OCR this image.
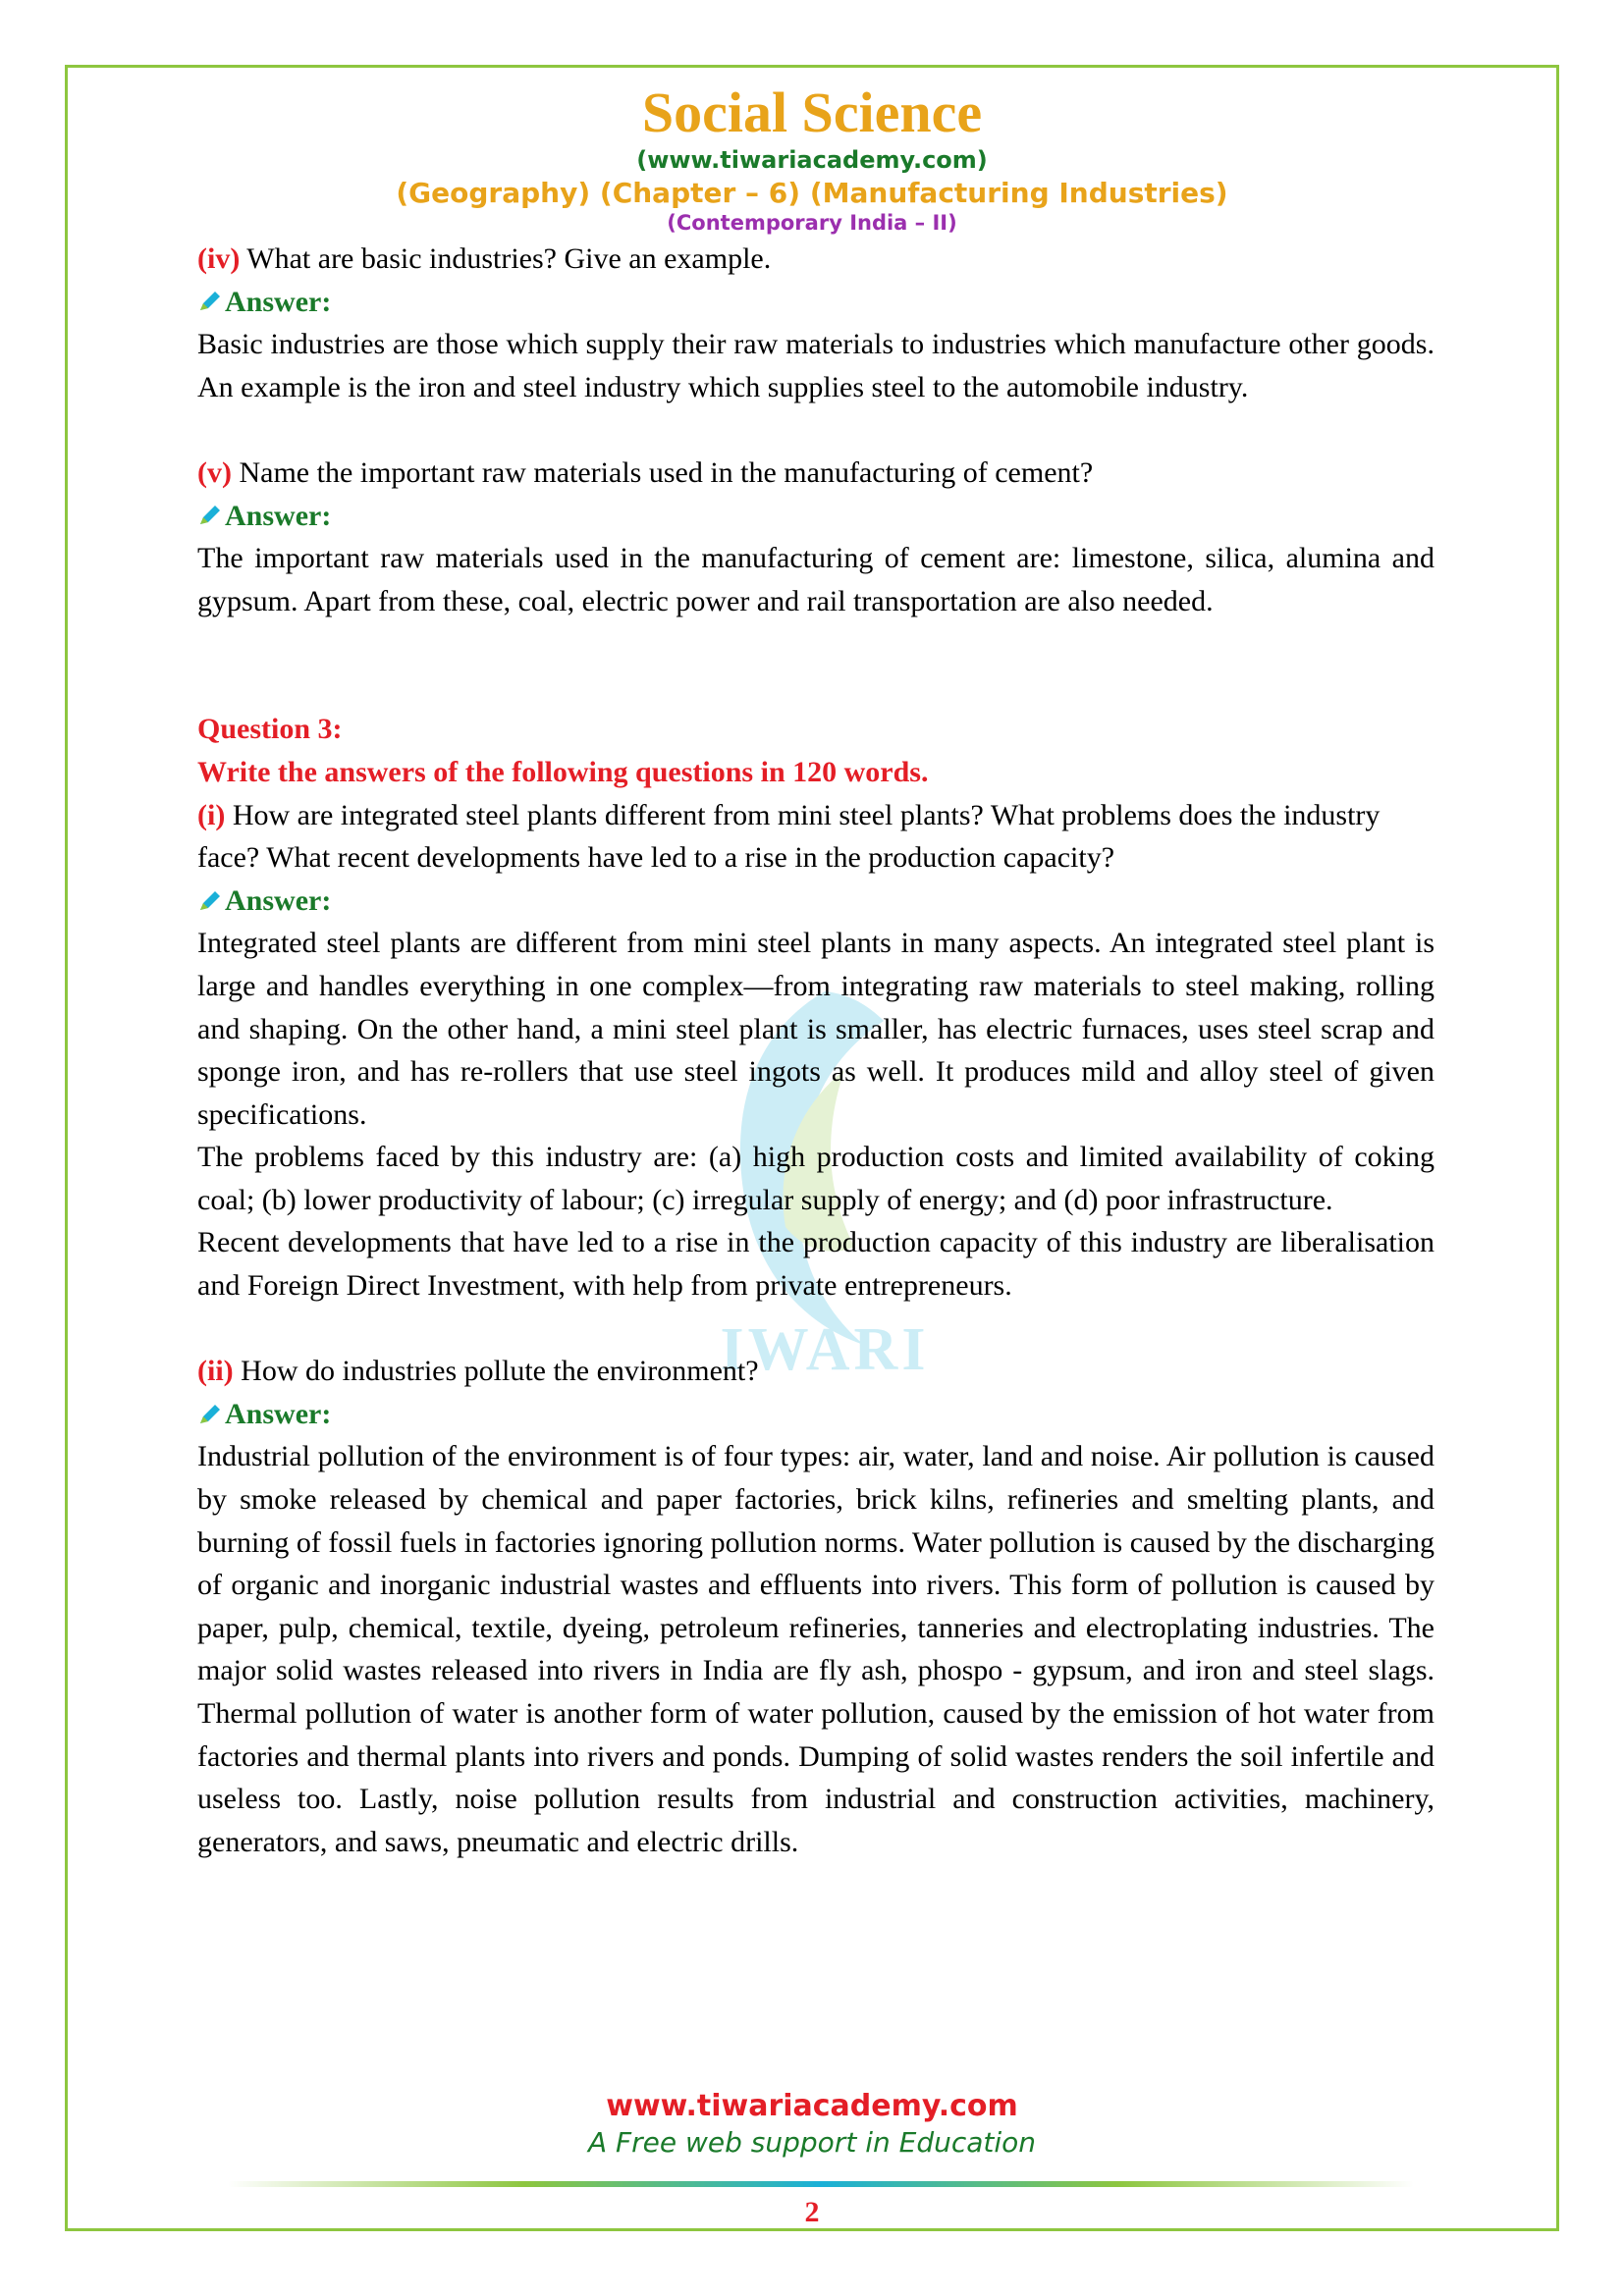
Social Science
(www.tiwariacademy.com)
(Geography) (Chapter – 6) (Manufacturing Industries)
(Contemporary India – II)
IWARI

(iv) What are basic industries? Give an example.

Answer:

Basic industries are those which supply their raw materials to industries which manufacture other goods. An example is the iron and steel industry which supplies steel to the automobile industry.

(v) Name the important raw materials used in the manufacturing of cement?

Answer:

The important raw materials used in the manufacturing of cement are: limestone, silica, alumina and gypsum. Apart from these, coal, electric power and rail transportation are also needed.

Question 3:

Write the answers of the following questions in 120 words.

(i) How are integrated steel plants different from mini steel plants? What problems does the industry face? What recent developments have led to a rise in the production capacity?

Answer:

Integrated steel plants are different from mini steel plants in many aspects. An integrated steel plant is large and handles everything in one complex—from integrating raw materials to steel making, rolling and shaping. On the other hand, a mini steel plant is smaller, has electric furnaces, uses steel scrap and sponge iron, and has re-rollers that use steel ingots as well. It produces mild and alloy steel of given specifications.

The problems faced by this industry are: (a) high production costs and limited availability of coking coal; (b) lower productivity of labour; (c) irregular supply of energy; and (d) poor infrastructure.

Recent developments that have led to a rise in the production capacity of this industry are liberalisation and Foreign Direct Investment, with help from private entrepreneurs.

(ii) How do industries pollute the environment?

Answer:

Industrial pollution of the environment is of four types: air, water, land and noise. Air pollution is caused by smoke released by chemical and paper factories, brick kilns, refineries and smelting plants, and burning of fossil fuels in factories ignoring pollution norms. Water pollution is caused by the discharging of organic and inorganic industrial wastes and effluents into rivers. This form of pollution is caused by paper, pulp, chemical, textile, dyeing, petroleum refineries, tanneries and electroplating industries. The major solid wastes released into rivers in India are fly ash, phospo - gypsum, and iron and steel slags. Thermal pollution of water is another form of water pollution, caused by the emission of hot water from factories and thermal plants into rivers and ponds. Dumping of solid wastes renders the soil infertile and useless too. Lastly, noise pollution results from industrial and construction activities, machinery, generators, and saws, pneumatic and electric drills.

www.tiwariacademy.com
A Free web support in Education
2
